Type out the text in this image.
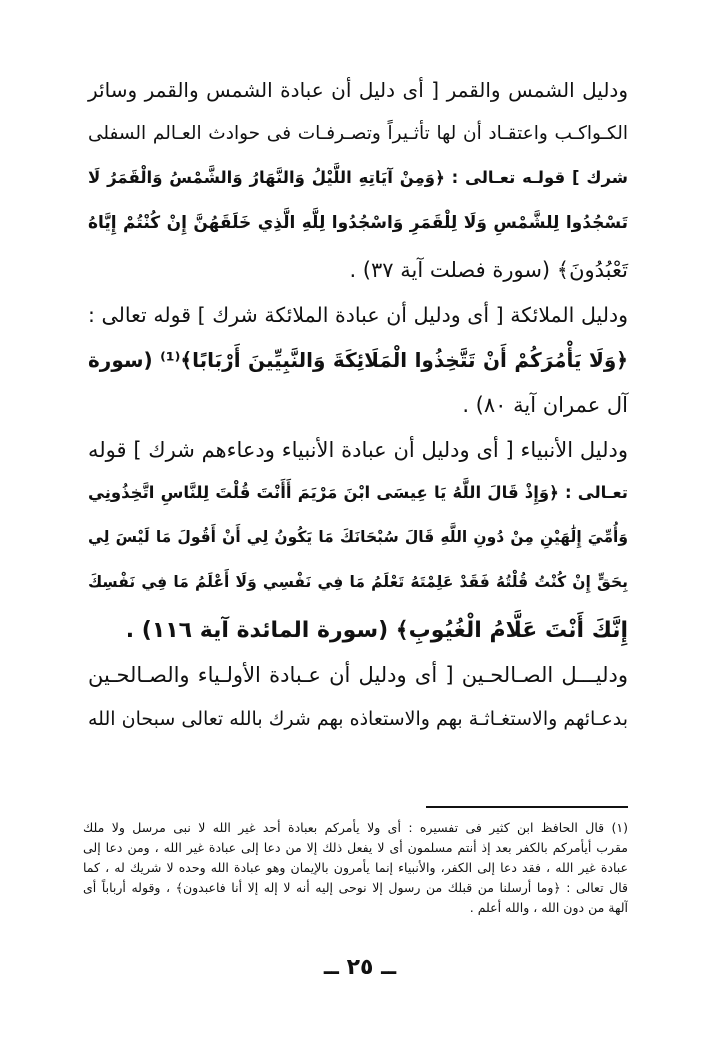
ودليل الشمس والقمر [ أى دليل أن عبادة الشمس والقمر وسائر
الكـواكـب واعتقـاد أن لها تأثـيراً وتصـرفـات فى حوادث العـالم السفلى
شرك ] قولـه تعـالى : ﴿وَمِنْ آيَاتِهِ اللَّيْلُ وَالنَّهَارُ وَالشَّمْسُ وَالْقَمَرُ لَا
تَسْجُدُوا لِلشَّمْسِ وَلَا لِلْقَمَرِ وَاسْجُدُوا لِلَّهِ الَّذِي خَلَقَهُنَّ إِنْ كُنْتُمْ إِيَّاهُ
تَعْبُدُونَ﴾ (سورة فصلت آية ٣٧) .
ودليل الملائكة [ أى ودليل أن عبادة الملائكة شرك ] قوله تعالى :
﴿وَلَا يَأْمُرَكُمْ أَنْ تَتَّخِذُوا الْمَلَائِكَةَ وَالنَّبِيِّينَ أَرْبَابًا﴾⁽¹⁾ (سورة
آل عمران آية ٨٠) .
ودليل الأنبياء [ أى ودليل أن عبادة الأنبياء ودعاءهم شرك ] قوله
تعـالى : ﴿وَإِذْ قَالَ اللَّهُ يَا عِيسَى ابْنَ مَرْيَمَ أَأَنْتَ قُلْتَ لِلنَّاسِ اتَّخِذُونِي
وَأُمِّيَ إِلَٰهَيْنِ مِنْ دُونِ اللَّهِ قَالَ سُبْحَانَكَ مَا يَكُونُ لِي أَنْ أَقُولَ مَا لَيْسَ لِي
بِحَقٍّ إِنْ كُنْتُ قُلْتُهُ فَقَدْ عَلِمْتَهُ تَعْلَمُ مَا فِي نَفْسِي وَلَا أَعْلَمُ مَا فِي نَفْسِكَ
إِنَّكَ أَنْتَ عَلَّامُ الْغُيُوبِ﴾ (سورة المائدة آية ١١٦) .
ودليـــل الصـالحـين [ أى ودليل أن عـبادة الأولـياء والصـالحـين
بدعـائهم والاستغـاثـة بهم والاستعاذه بهم شرك بالله تعالى سبحان الله
(١) قال الحافظ ابن كثير فى تفسيره : أى ولا يأمركم بعبادة أحد غير الله لا نبى مرسل ولا ملك
مقرب أيأمركم بالكفر بعد إذ أنتم مسلمون أى لا يفعل ذلك إلا من دعا إلى عبادة غير الله ، ومن دعا إلى
عبادة غير الله ، فقد دعا إلى الكفر، والأنبياء إنما يأمرون بالإيمان وهو عبادة الله وحده لا شريك له ، كما
قال تعالى : ﴿وما أرسلنا من قبلك من رسول إلا نوحى إليه أنه لا إله إلا أنا فاعبدون﴾ ، وقوله أرباباً أى
آلهة من دون الله ، والله أعلم .
ــ ٢٥ ــ
